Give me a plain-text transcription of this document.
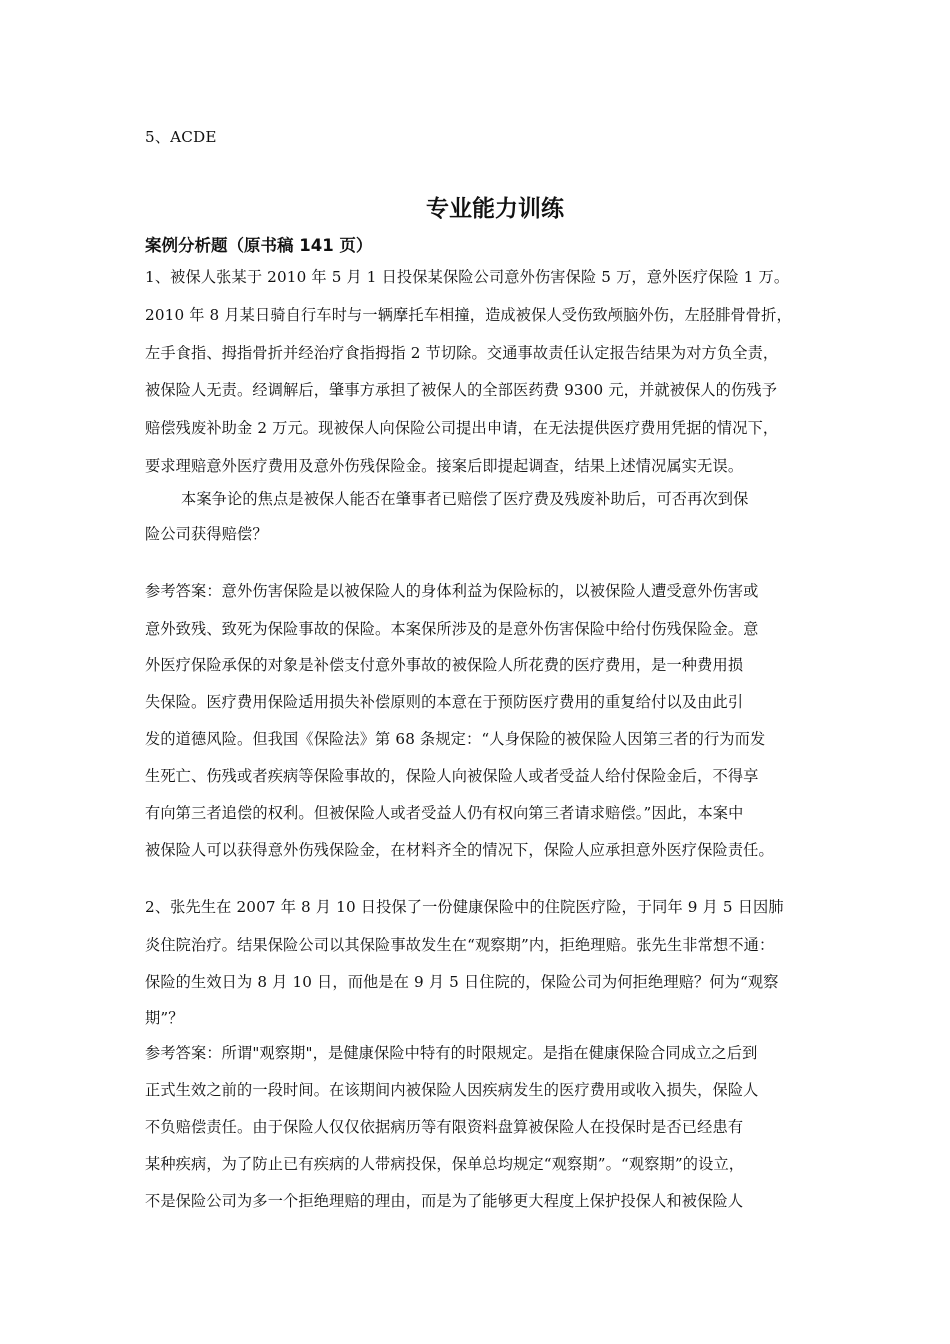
5、ACDE
专业能力训练
案例分析题（原书稿 141 页）
1、被保人张某于 2010 年 5 月 1 日投保某保险公司意外伤害保险 5 万，意外医疗保险 1 万。
2010 年 8 月某日骑自行车时与一辆摩托车相撞，造成被保人受伤致颅脑外伤，左胫腓骨骨折，
左手食指、拇指骨折并经治疗食指拇指 2 节切除。交通事故责任认定报告结果为对方负全责，
被保险人无责。经调解后，肇事方承担了被保人的全部医药费 9300 元，并就被保人的伤残予
赔偿残废补助金 2 万元。现被保人向保险公司提出申请，在无法提供医疗费用凭据的情况下，
要求理赔意外医疗费用及意外伤残保险金。接案后即提起调查，结果上述情况属实无误。
本案争论的焦点是被保人能否在肇事者已赔偿了医疗费及残废补助后，可否再次到保
险公司获得赔偿？
参考答案：意外伤害保险是以被保险人的身体利益为保险标的，以被保险人遭受意外伤害或
意外致残、致死为保险事故的保险。本案保所涉及的是意外伤害保险中给付伤残保险金。意
外医疗保险承保的对象是补偿支付意外事故的被保险人所花费的医疗费用，是一种费用损
失保险。医疗费用保险适用损失补偿原则的本意在于预防医疗费用的重复给付以及由此引
发的道德风险。但我国《保险法》第 68 条规定：“人身保险的被保险人因第三者的行为而发
生死亡、伤残或者疾病等保险事故的，保险人向被保险人或者受益人给付保险金后，不得享
有向第三者追偿的权利。但被保险人或者受益人仍有权向第三者请求赔偿。”因此，本案中
被保险人可以获得意外伤残保险金，在材料齐全的情况下，保险人应承担意外医疗保险责任。
2、张先生在 2007 年 8 月 10 日投保了一份健康保险中的住院医疗险，于同年 9 月 5 日因肺
炎住院治疗。结果保险公司以其保险事故发生在“观察期”内，拒绝理赔。张先生非常想不通：
保险的生效日为 8 月 10 日，而他是在 9 月 5 日住院的，保险公司为何拒绝理赔？何为“观察
期”？
参考答案：所谓"观察期"，是健康保险中特有的时限规定。是指在健康保险合同成立之后到
正式生效之前的一段时间。在该期间内被保险人因疾病发生的医疗费用或收入损失，保险人
不负赔偿责任。由于保险人仅仅依据病历等有限资料盘算被保险人在投保时是否已经患有
某种疾病，为了防止已有疾病的人带病投保，保单总均规定“观察期”。“观察期”的设立，
不是保险公司为多一个拒绝理赔的理由，而是为了能够更大程度上保护投保人和被保险人
